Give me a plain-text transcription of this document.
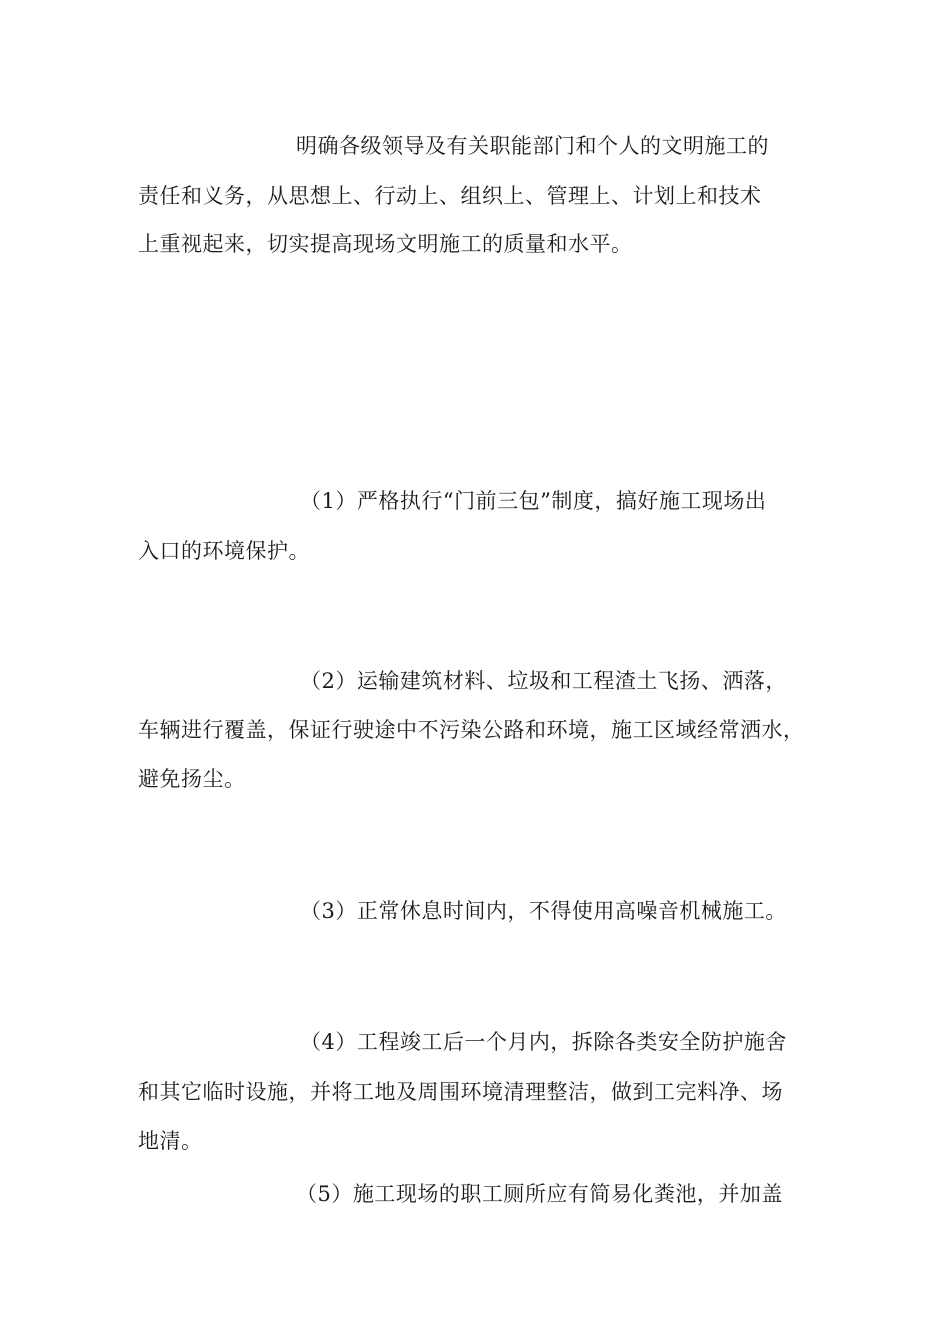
明确各级领导及有关职能部门和个人的文明施工的
责任和义务，从思想上、行动上、组织上、管理上、计划上和技术
上重视起来，切实提高现场文明施工的质量和水平。
（1）严格执行“门前三包”制度，搞好施工现场出
入口的环境保护。
（2）运输建筑材料、垃圾和工程渣土飞扬、洒落，
车辆进行覆盖，保证行驶途中不污染公路和环境，施工区域经常洒水，
避免扬尘。
（3）正常休息时间内，不得使用高噪音机械施工。
（4）工程竣工后一个月内，拆除各类安全防护施舍
和其它临时设施，并将工地及周围环境清理整洁，做到工完料净、场
地清。
（5）施工现场的职工厕所应有简易化粪池，并加盖
